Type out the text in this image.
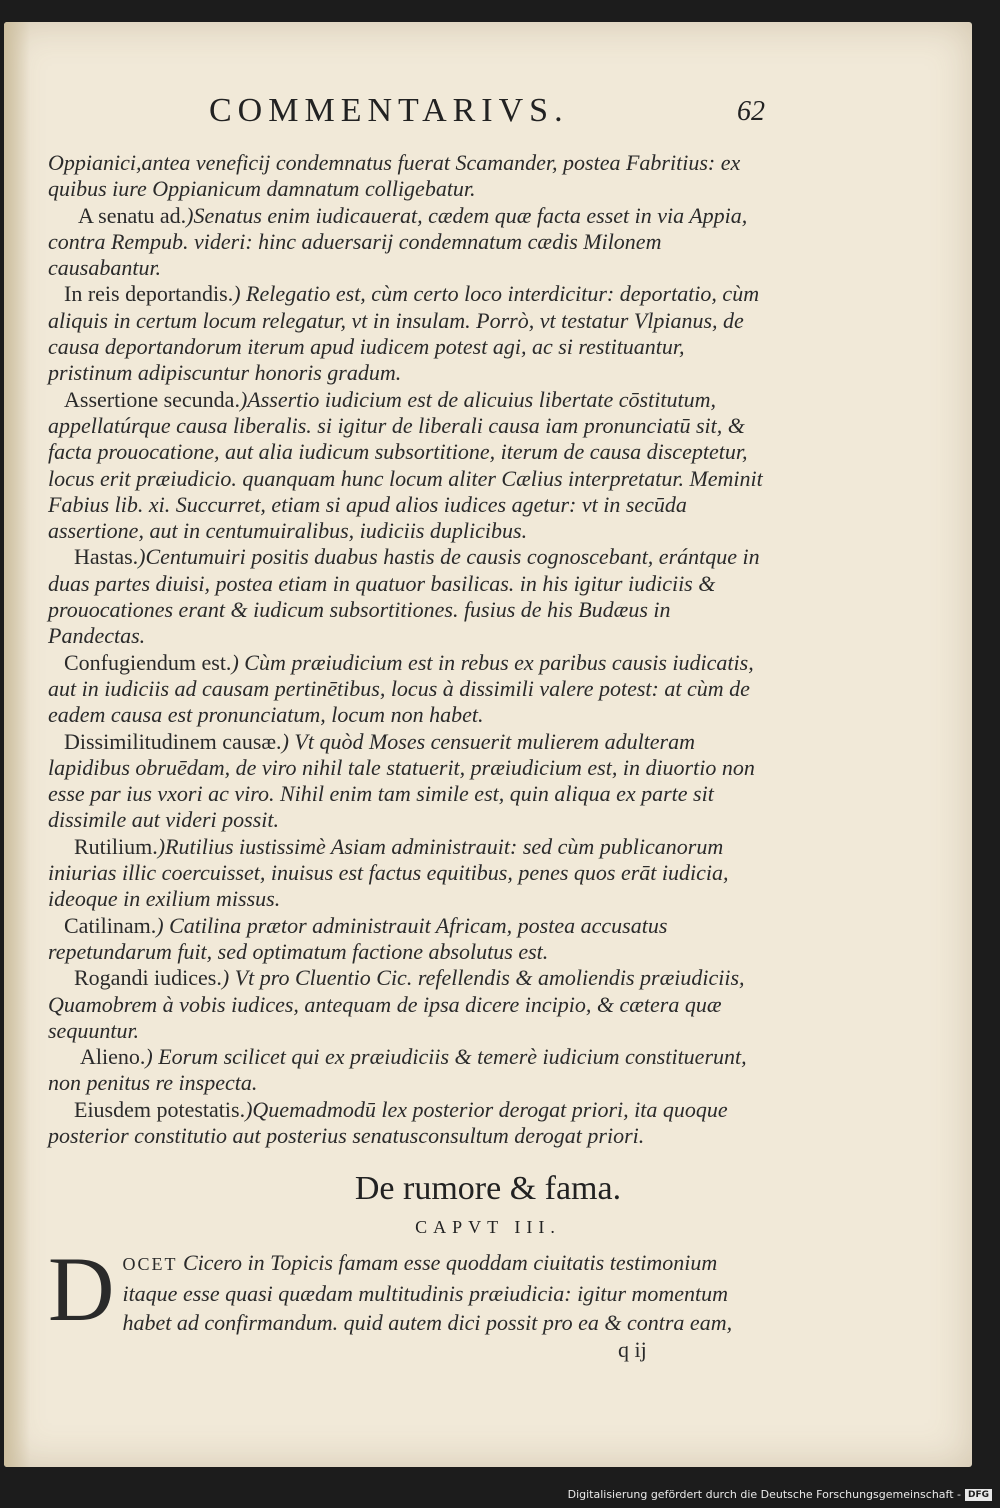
COMMENTARIVS.	62

Oppianici,antea veneficij condemnatus fuerat Scamander, postea Fabritius: ex quibus iure Oppianicum damnatum colligebatur.

A senatu ad.)Senatus enim iudicauerat, cædem quæ facta esset in via Appia, contra Rempub. videri: hinc aduersarij condemnatum cædis Milonem causabantur.

In reis deportandis.) Relegatio est, cùm certo loco interdicitur: deportatio, cùm aliquis in certum locum relegatur, vt in insulam. Porrò, vt testatur Vlpianus, de causa deportandorum iterum apud iudicem potest agi, ac si restituantur, pristinum adipiscuntur honoris gradum.

Assertione secunda.)Assertio iudicium est de alicuius libertate cōstitutum, appellatúrque causa liberalis. si igitur de liberali causa iam pronunciatū sit, & facta prouocatione, aut alia iudicum subsortitione, iterum de causa disceptetur, locus erit præiudicio. quanquam hunc locum aliter Cælius interpretatur. Meminit Fabius lib. xi. Succurret, etiam si apud alios iudices agetur: vt in secūda assertione, aut in centumuiralibus, iudiciis duplicibus.

Hastas.)Centumuiri positis duabus hastis de causis cognoscebant, erántque in duas partes diuisi, postea etiam in quatuor basilicas. in his igitur iudiciis & prouocationes erant & iudicum subsortitiones. fusius de his Budæus in Pandectas.

Confugiendum est.) Cùm præiudicium est in rebus ex paribus causis iudicatis, aut in iudiciis ad causam pertinētibus, locus à dissimili valere potest: at cùm de eadem causa est pronunciatum, locum non habet.

Dissimilitudinem causæ.) Vt quòd Moses censuerit mulierem adulteram lapidibus obruēdam, de viro nihil tale statuerit, præiudicium est, in diuortio non esse par ius vxori ac viro. Nihil enim tam simile est, quin aliqua ex parte sit dissimile aut videri possit.

Rutilium.)Rutilius iustissimè Asiam administrauit: sed cùm publicanorum iniurias illic coercuisset, inuisus est factus equitibus, penes quos erāt iudicia, ideoque in exilium missus.

Catilinam.) Catilina prætor administrauit Africam, postea accusatus repetundarum fuit, sed optimatum factione absolutus est.

Rogandi iudices.) Vt pro Cluentio Cic. refellendis & amoliendis præiudiciis, Quamobrem à vobis iudices, antequam de ipsa dicere incipio, & cætera quæ sequuntur.

Alieno.) Eorum scilicet qui ex præiudiciis & temerè iudicium constituerunt, non penitus re inspecta.

Eiusdem potestatis.)Quemadmodū lex posterior derogat priori, ita quoque posterior constitutio aut posterius senatusconsultum derogat priori.

De rumore & fama.
CAPVT III.
D OCET Cicero in Topicis famam esse quoddam ciuitatis testimonium itaque esse quasi quædam multitudinis præiudicia: igitur momentum habet ad confirmandum. quid autem dici possit pro ea & contra eam,

q ij
Digitalisierung gefördert durch die Deutsche Forschungsgemeinschaft - DFG
